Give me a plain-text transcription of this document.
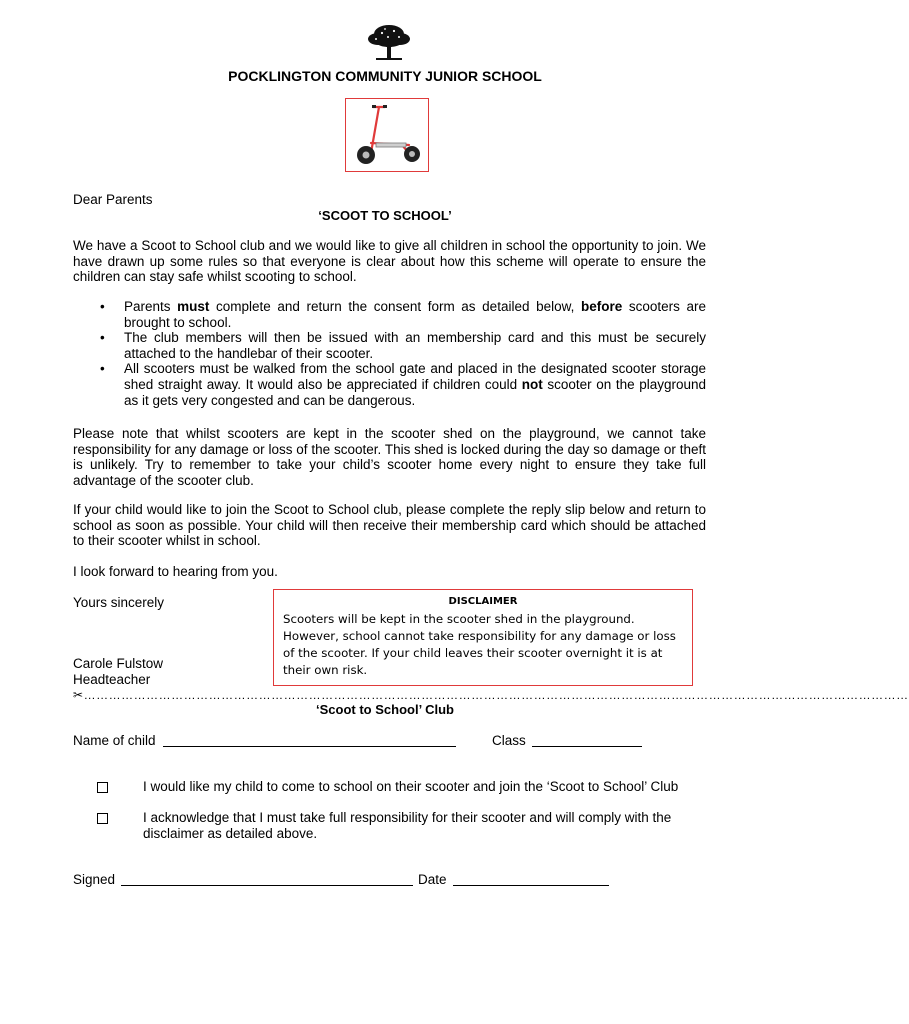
POCKLINGTON COMMUNITY JUNIOR SCHOOL
Dear Parents
‘SCOOT TO SCHOOL’
We have a Scoot to School club and we would like to give all children in school the opportunity to join. We have drawn up some rules so that everyone is clear about how this scheme will operate to ensure the children can stay safe whilst scooting to school.
• Parents must complete and return the consent form as detailed below, before scooters are brought to school.
• The club members will then be issued with an membership card and this must be securely attached to the handlebar of their scooter.
• All scooters must be walked from the school gate and placed in the designated scooter storage shed straight away. It would also be appreciated if children could not scooter on the playground as it gets very congested and can be dangerous.
Please note that whilst scooters are kept in the scooter shed on the playground, we cannot take responsibility for any damage or loss of the scooter. This shed is locked during the day so damage or theft is unlikely. Try to remember to take your child’s scooter home every night to ensure they take full advantage of the scooter club.
If your child would like to join the Scoot to School club, please complete the reply slip below and return to school as soon as possible. Your child will then receive their membership card which should be attached to their scooter whilst in school.
I look forward to hearing from you.
Yours sincerely
Carole Fulstow
Headteacher
DISCLAIMER
Scooters will be kept in the scooter shed in the playground. However, school cannot take responsibility for any damage or loss of the scooter. If your child leaves their scooter overnight it is at their own risk.
✂………………………………………………………………………………………………………………………………………………………………………………
‘Scoot to School’ Club
Name of child	Class
I would like my child to come to school on their scooter and join the ‘Scoot to School’ Club
I acknowledge that I must take full responsibility for their scooter and will comply with the disclaimer as detailed above.
Signed	Date
